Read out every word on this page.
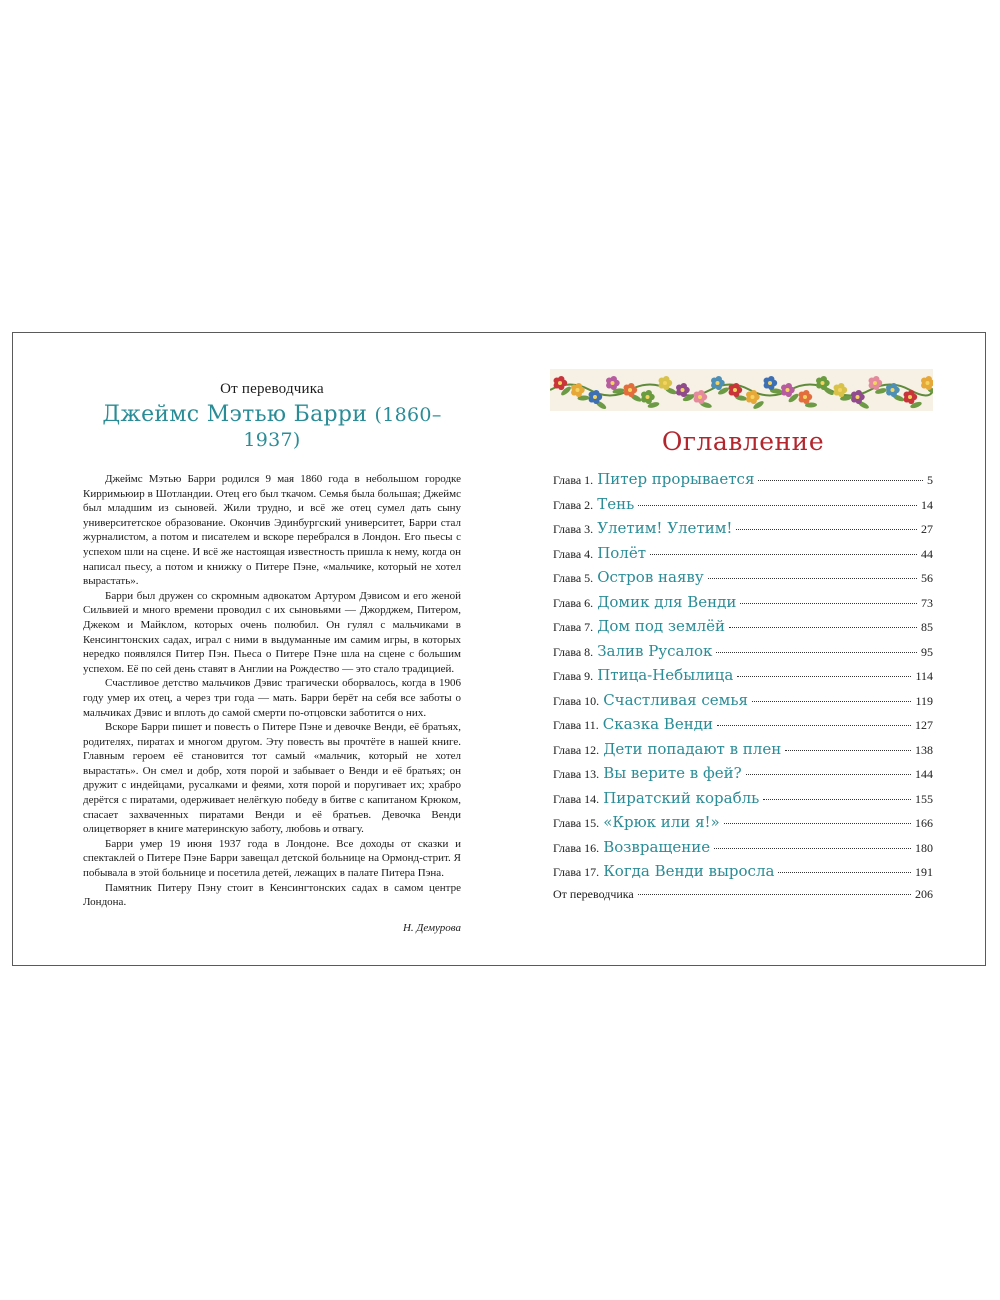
От переводчика
Джеймс Мэтью Барри (1860–1937)

Джеймс Мэтью Барри родился 9 мая 1860 года в небольшом городке Кирримьюир в Шотландии. Отец его был ткачом. Семья была большая; Джеймс был младшим из сыновей. Жили трудно, и всё же отец сумел дать сыну университетское образование. Окончив Эдинбургский университет, Барри стал журналистом, а потом и писателем и вскоре перебрался в Лондон. Его пьесы с успехом шли на сцене. И всё же настоящая известность пришла к нему, когда он написал пьесу, а потом и книжку о Питере Пэне, «мальчике, который не хотел вырастать».

Барри был дружен со скромным адвокатом Артуром Дэвисом и его женой Сильвией и много времени проводил с их сыновьями — Джорджем, Питером, Джеком и Майклом, которых очень полюбил. Он гулял с мальчиками в Кенсингтонских садах, играл с ними в выдуманные им самим игры, в которых нередко появлялся Питер Пэн. Пьеса о Питере Пэне шла на сцене с большим успехом. Её по сей день ставят в Англии на Рождество — это стало традицией.

Счастливое детство мальчиков Дэвис трагически оборвалось, когда в 1906 году умер их отец, а через три года — мать. Барри берёт на себя все заботы о мальчиках Дэвис и вплоть до самой смерти по-отцовски заботится о них.

Вскоре Барри пишет и повесть о Питере Пэне и девочке Венди, её братьях, родителях, пиратах и многом другом. Эту повесть вы прочтёте в нашей книге. Главным героем её становится тот самый «мальчик, который не хотел вырастать». Он смел и добр, хотя порой и забывает о Венди и её братьях; он дружит с индейцами, русалками и феями, хотя порой и поругивает их; храбро дерётся с пиратами, одерживает нелёгкую победу в битве с капитаном Крюком, спасает захваченных пиратами Венди и её братьев. Девочка Венди олицетворяет в книге материнскую заботу, любовь и отвагу.

Барри умер 19 июня 1937 года в Лондоне. Все доходы от сказки и спектаклей о Питере Пэне Барри завещал детской больнице на Ормонд-стрит. Я побывала в этой больнице и посетила детей, лежащих в палате Питера Пэна.

Памятник Питеру Пэну стоит в Кенсингтонских садах в самом центре Лондона.

Н. Демурова
Оглавление
Глава 1. Питер прорывается	5
Глава 2. Тень	14
Глава 3. Улетим! Улетим!	27
Глава 4. Полёт	44
Глава 5. Остров наяву	56
Глава 6. Домик для Венди	73
Глава 7. Дом под землёй	85
Глава 8. Залив Русалок	95
Глава 9. Птица-Небылица	114
Глава 10. Счастливая семья	119
Глава 11. Сказка Венди	127
Глава 12. Дети попадают в плен	138
Глава 13. Вы верите в фей?	144
Глава 14. Пиратский корабль	155
Глава 15. «Крюк или я!»	166
Глава 16. Возвращение	180
Глава 17. Когда Венди выросла	191
От переводчика	206
